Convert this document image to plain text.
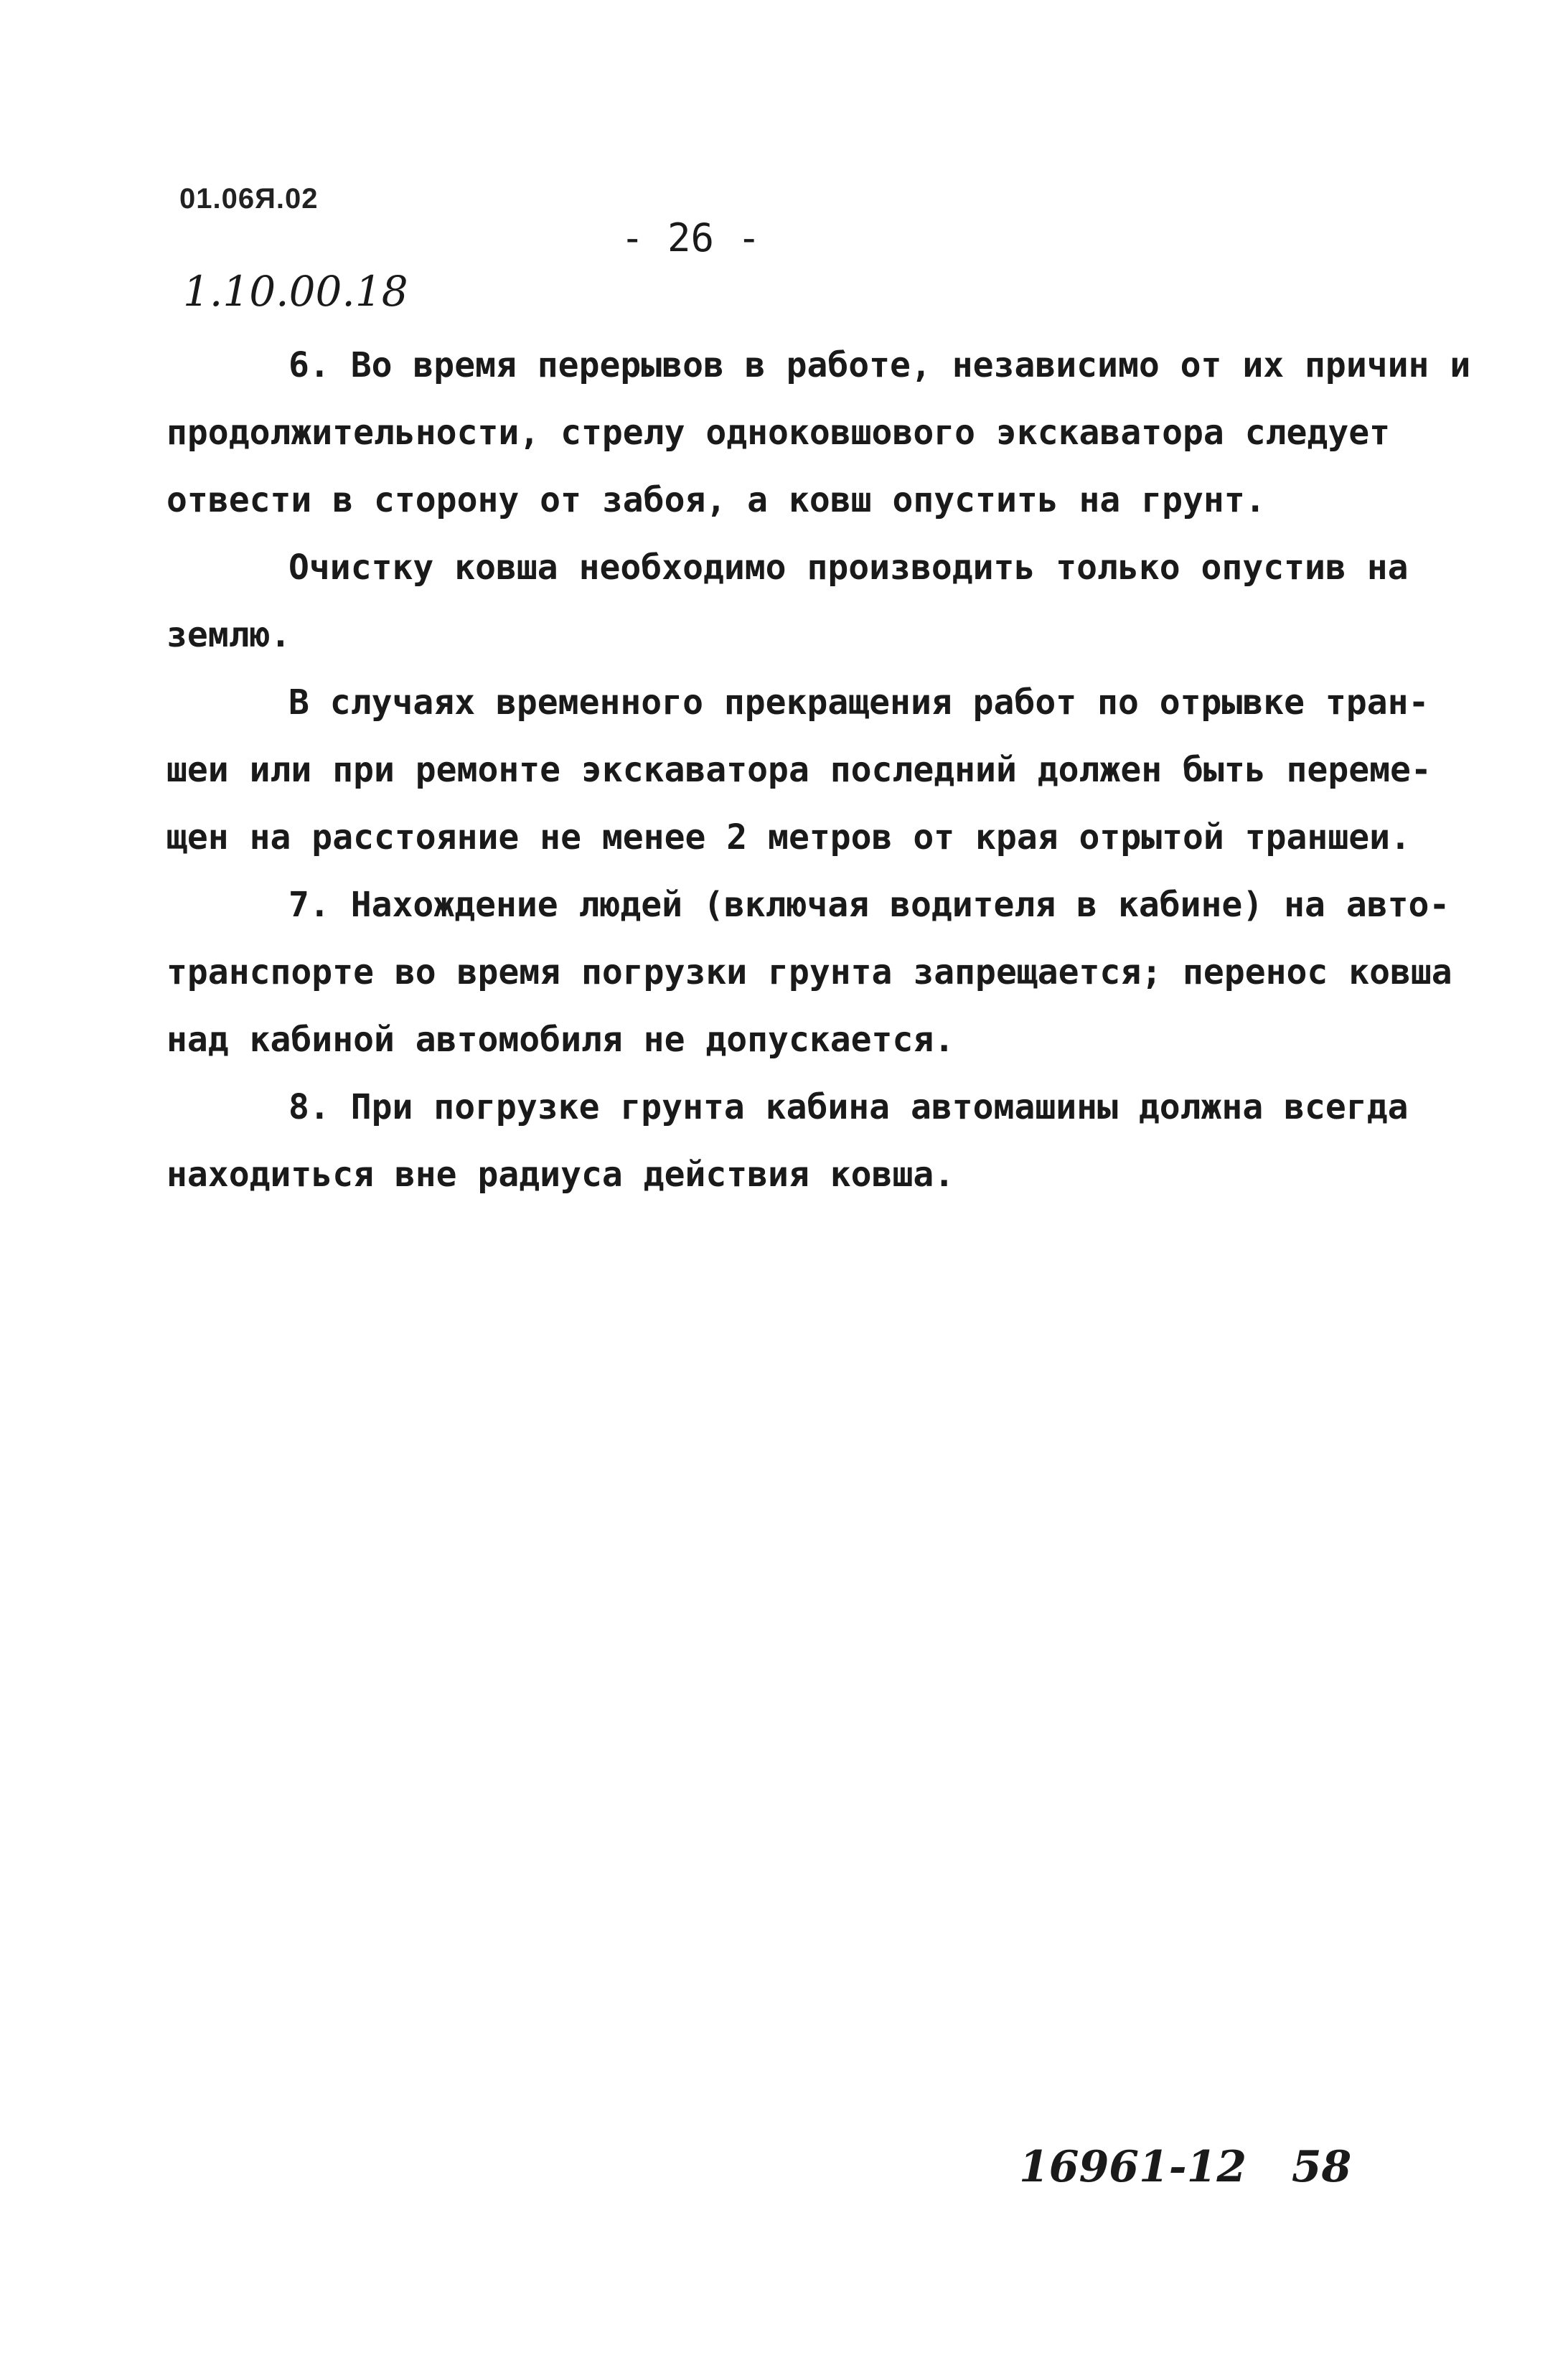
01.06Я.02
- 26 -
1.10.00.18

6. Во время перерывов в работе, независимо от их причин и
продолжительности, стрелу одноковшового экскаватора следует
отвести в сторону от забоя, а ковш опустить на грунт.

Очистку ковша необходимо производить только опустив на
землю.

В случаях временного прекращения работ по отрывке тран-
шеи или при ремонте экскаватора последний должен быть переме-
щен на расстояние не менее 2 метров от края отрытой траншеи.

7. Нахождение людей (включая водителя в кабине) на авто-
транспорте во время погрузки грунта запрещается; перенос ковша
над кабиной автомобиля не допускается.

8. При погрузке грунта кабина автомашины должна всегда
находиться вне радиуса действия ковша.

16961-12 58
